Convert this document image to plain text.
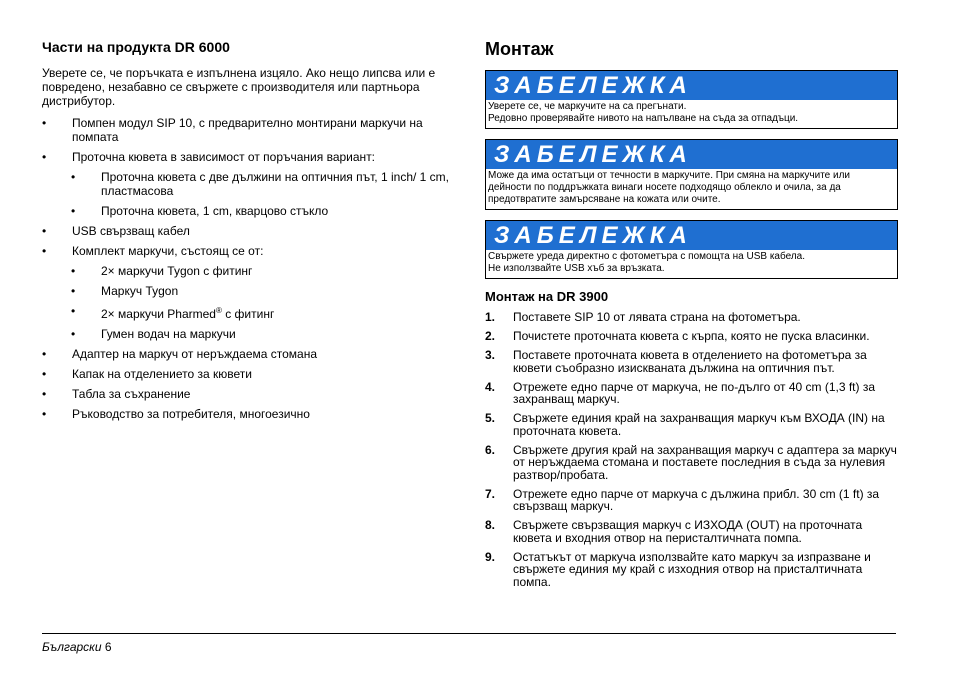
Части на продукта DR 6000

Уверете се, че поръчката е изпълнена изцяло. Ако нещо липсва или е повредено, незабавно се свържете с производителя или партньора дистрибутор.

• Помпен модул SIP 10, с предварително монтирани маркучи на помпата
• Проточна кювета в зависимост от поръчания вариант:
• Проточна кювета с две дължини на оптичния път, 1 inch/ 1 cm, пластмасова
• Проточна кювета, 1 cm, кварцово стъкло
• USB свързващ кабел
• Комплект маркучи, състоящ се от:
• 2× маркучи Tygon с фитинг
• Маркуч Tygon
• 2× маркучи Pharmed® с фитинг
• Гумен водач на маркучи
• Адаптер на маркуч от неръждаема стомана
• Капак на отделението за кювети
• Табла за съхранение
• Ръководство за потребителя, многоезично
Монтаж
ЗАБЕЛЕЖКА
Уверете се, че маркучите на са прегънати.
Редовно проверявайте нивото на напълване на съда за отпадъци.
ЗАБЕЛЕЖКА
Може да има остатъци от течности в маркучите. При смяна на маркучите или дейности по поддръжката винаги носете подходящо облекло и очила, за да предотвратите замърсяване на кожата или очите.
ЗАБЕЛЕЖКА
Свържете уреда директно с фотометъра с помощта на USB кабела.
Не използвайте USB хъб за връзката.
Монтаж на DR 3900
1. Поставете SIP 10 от лявата страна на фотометъра.
2. Почистете проточната кювета с кърпа, която не пуска власинки.
3. Поставете проточната кювета в отделението на фотометъра за кювети съобразно изискваната дължина на оптичния път.
4. Отрежете едно парче от маркуча, не по-дълго от 40 cm (1,3 ft) за захранващ маркуч.
5. Свържете единия край на захранващия маркуч към ВХОДА (IN) на проточната кювета.
6. Свържете другия край на захранващия маркуч с адаптера за маркуч от неръждаема стомана и поставете последния в съда за нулевия разтвор/пробата.
7. Отрежете едно парче от маркуча с дължина прибл. 30 cm (1 ft) за свързващ маркуч.
8. Свържете свързващия маркуч с ИЗХОДА (OUT) на проточната кювета и входния отвор на перисталтичната помпа.
9. Остатъкът от маркуча използвайте като маркуч за изпразване и свържете единия му край с изходния отвор на присталтичната помпа.
Български 6
